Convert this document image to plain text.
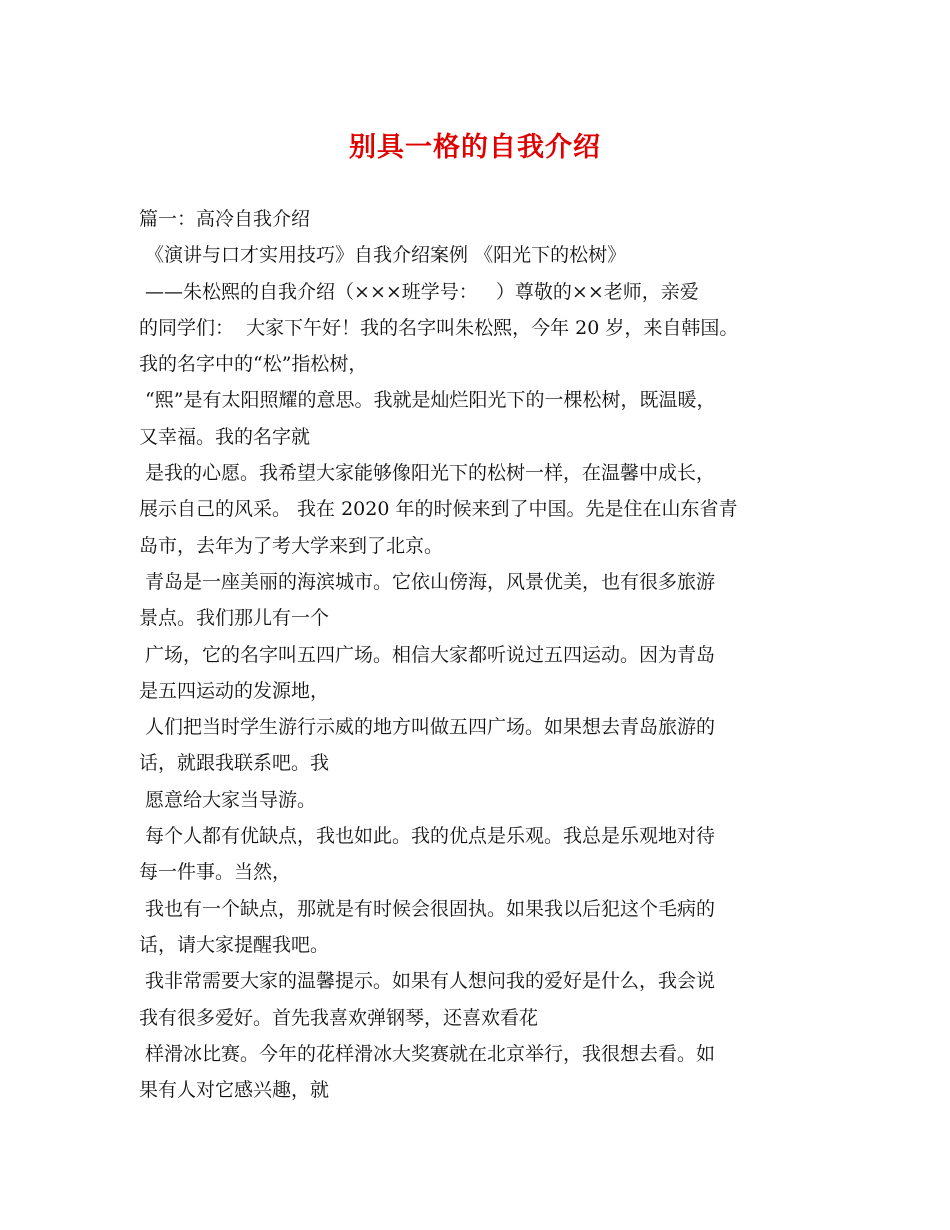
别具一格的自我介绍
篇一：高冷自我介绍
《演讲与口才实用技巧》自我介绍案例 《阳光下的松树》
——朱松熙的自我介绍（×××班学号：   ）尊敬的××老师，亲爱
的同学们：  大家下午好！我的名字叫朱松熙，今年 20 岁，来自韩国。
我的名字中的“松”指松树，
“熙”是有太阳照耀的意思。我就是灿烂阳光下的一棵松树，既温暖，
又幸福。我的名字就
是我的心愿。我希望大家能够像阳光下的松树一样，在温馨中成长，
展示自己的风采。 我在 2020 年的时候来到了中国。先是住在山东省青
岛市，去年为了考大学来到了北京。
青岛是一座美丽的海滨城市。它依山傍海，风景优美，也有很多旅游
景点。我们那儿有一个
广场，它的名字叫五四广场。相信大家都听说过五四运动。因为青岛
是五四运动的发源地，
人们把当时学生游行示威的地方叫做五四广场。如果想去青岛旅游的
话，就跟我联系吧。我
愿意给大家当导游。
每个人都有优缺点，我也如此。我的优点是乐观。我总是乐观地对待
每一件事。当然，
我也有一个缺点，那就是有时候会很固执。如果我以后犯这个毛病的
话，请大家提醒我吧。
我非常需要大家的温馨提示。如果有人想问我的爱好是什么，我会说
我有很多爱好。首先我喜欢弹钢琴，还喜欢看花
样滑冰比赛。今年的花样滑冰大奖赛就在北京举行，我很想去看。如
果有人对它感兴趣，就
